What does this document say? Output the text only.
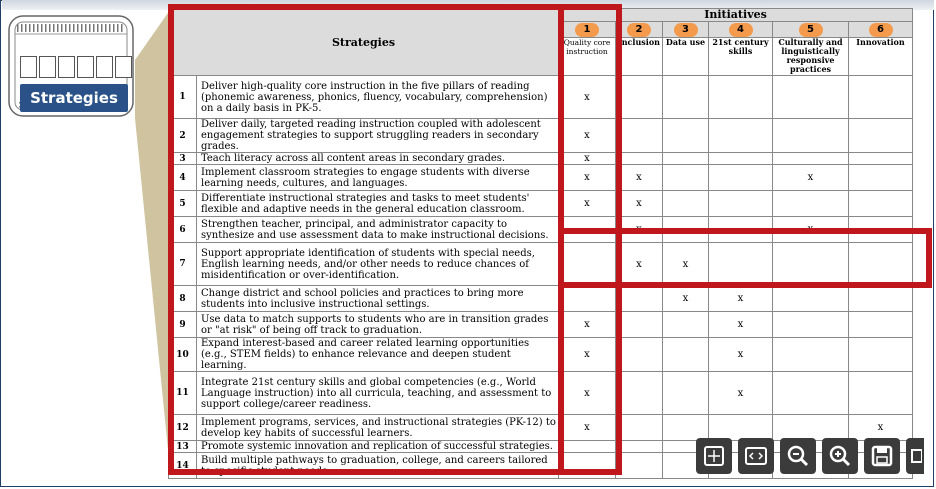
Strategies
Strategies		Initiatives					
		1	2	3	4	5	6
		Quality core instruction	Inclusion	Data use	21st century skills	Culturally and linguistically responsive practices	Innovation
1	Deliver high-quality core instruction in the five pillars of reading (phonemic awareness, phonics, fluency, vocabulary, comprehension) on a daily basis in PK-5.	x					
2	Deliver daily, targeted reading instruction coupled with adolescent engagement strategies to support struggling readers in secondary grades.	x					
3	Teach literacy across all content areas in secondary grades.	x					
4	Implement classroom strategies to engage students with diverse learning needs, cultures, and languages.	x	x			x	
5	Differentiate instructional strategies and tasks to meet students' flexible and adaptive needs in the general education classroom.	x	x				
6	Strengthen teacher, principal, and administrator capacity to synthesize and use assessment data to make instructional decisions.		x			x	
7	Support appropriate identification of students with special needs, English learning needs, and/or other needs to reduce chances of misidentification or over-identification.		x	x			
8	Change district and school policies and practices to bring more students into inclusive instructional settings.			x	x		
9	Use data to match supports to students who are in transition grades or "at risk" of being off track to graduation.	x			x		
10	Expand interest-based and career related learning opportunities (e.g., STEM fields) to enhance relevance and deepen student learning.	x			x		
11	Integrate 21st century skills and global competencies (e.g., World Language instruction) into all curricula, teaching, and assessment to support college/career readiness.	x			x		
12	Implement programs, services, and instructional strategies (PK-12) to develop key habits of successful learners.	x					x
13	Promote systemic innovation and replication of successful strategies.						
14	Build multiple pathways to graduation, college, and careers tailored to specific student needs.						
